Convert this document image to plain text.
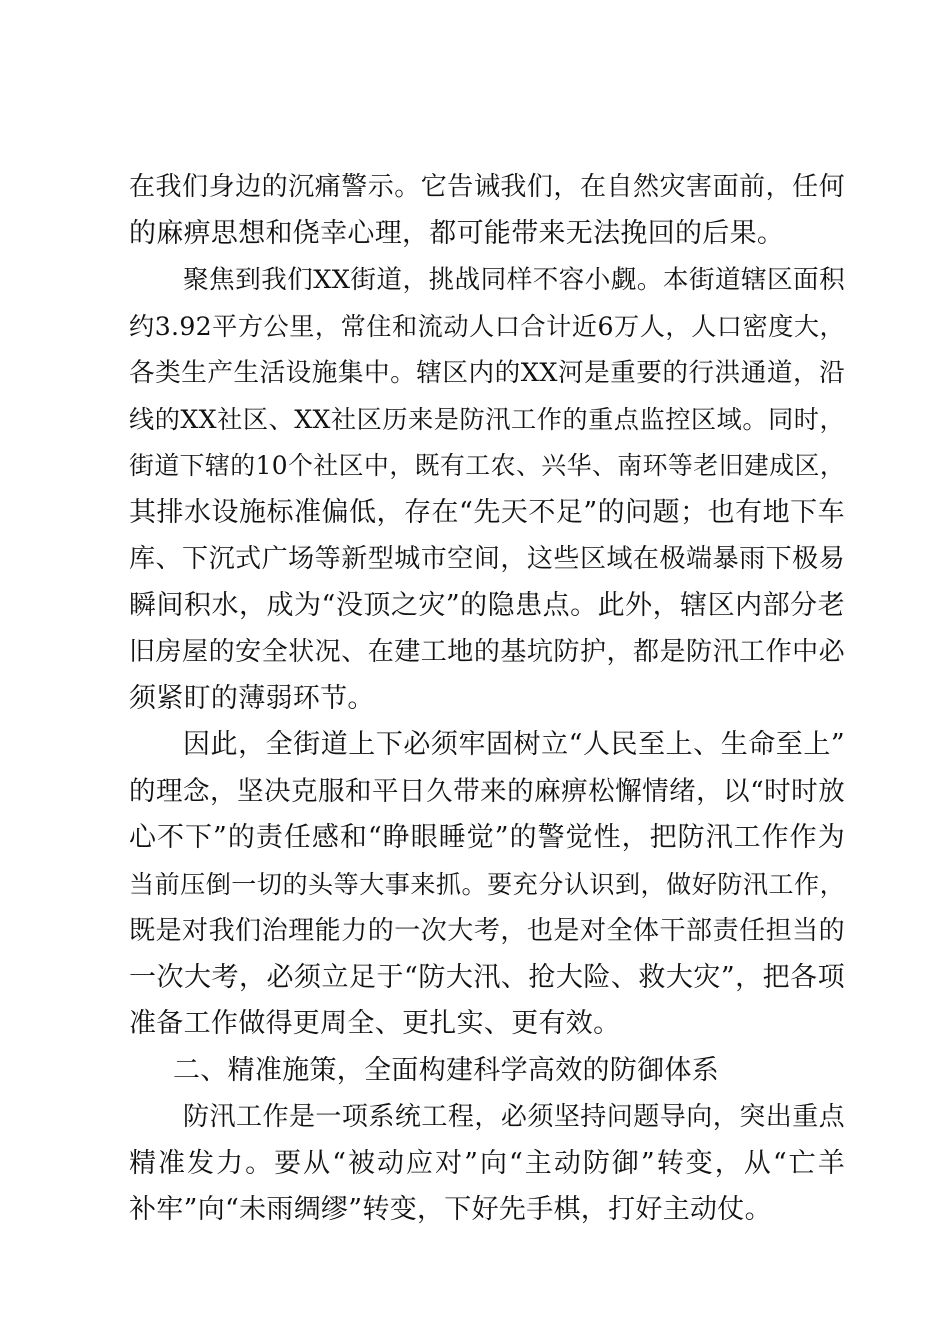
在我们身边的沉痛警示。它告诫我们，在自然灾害面前，任何
的麻痹思想和侥幸心理，都可能带来无法挽回的后果。

聚焦到我们XX街道，挑战同样不容小觑。本街道辖区面积
约3.92平方公里，常住和流动人口合计近6万人，人口密度大，
各类生产生活设施集中。辖区内的XX河是重要的行洪通道，沿
线的XX社区、XX社区历来是防汛工作的重点监控区域。同时，
街道下辖的10个社区中，既有工农、兴华、南环等老旧建成区，
其排水设施标准偏低，存在“先天不足”的问题；也有地下车
库、下沉式广场等新型城市空间，这些区域在极端暴雨下极易
瞬间积水，成为“没顶之灾”的隐患点。此外，辖区内部分老
旧房屋的安全状况、在建工地的基坑防护，都是防汛工作中必
须紧盯的薄弱环节。

因此，全街道上下必须牢固树立“人民至上、生命至上”
的理念，坚决克服和平日久带来的麻痹松懈情绪，以“时时放
心不下”的责任感和“睁眼睡觉”的警觉性，把防汛工作作为
当前压倒一切的头等大事来抓。要充分认识到，做好防汛工作，
既是对我们治理能力的一次大考，也是对全体干部责任担当的
一次大考，必须立足于“防大汛、抢大险、救大灾”，把各项
准备工作做得更周全、更扎实、更有效。

二、精准施策，全面构建科学高效的防御体系

防汛工作是一项系统工程，必须坚持问题导向，突出重点
精准发力。要从“被动应对”向“主动防御”转变，从“亡羊
补牢”向“未雨绸缪”转变，下好先手棋，打好主动仗。
